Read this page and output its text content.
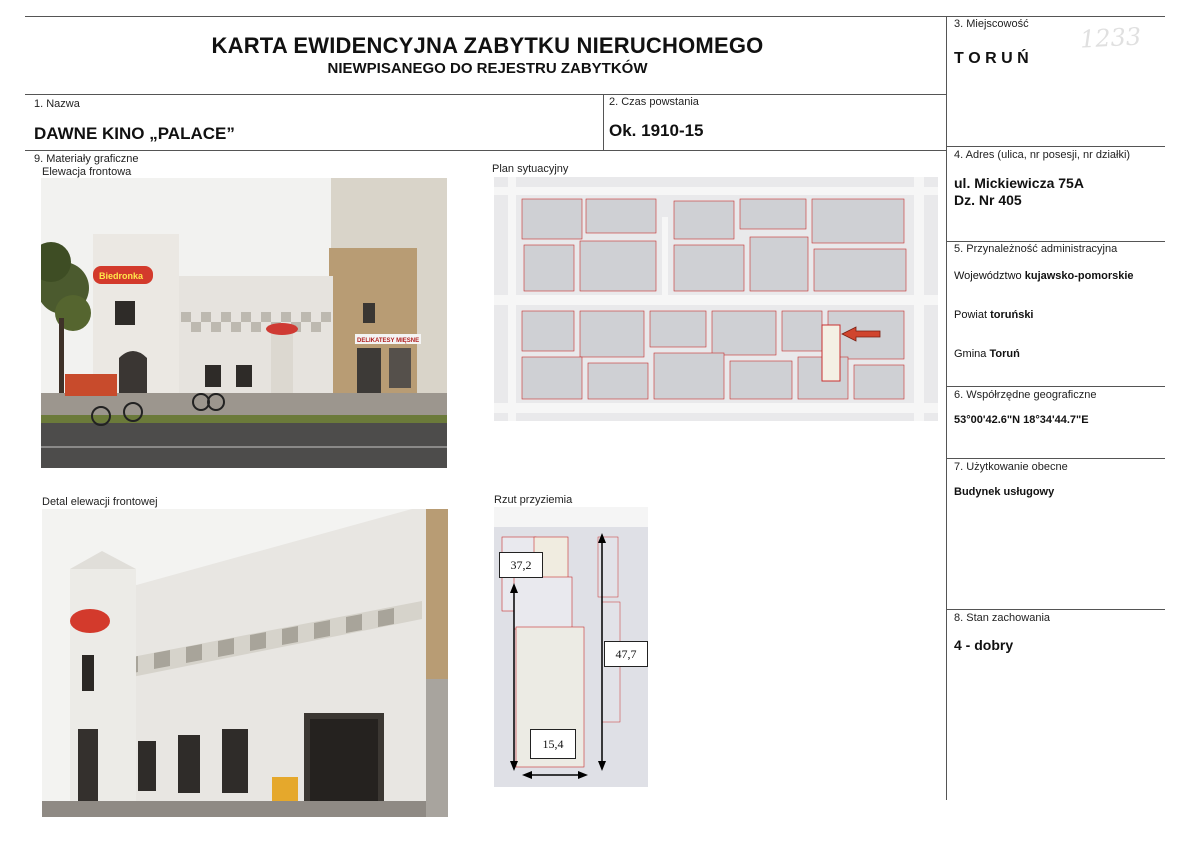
KARTA EWIDENCYJNA ZABYTKU NIERUCHOMEGO
NIEWPISANEGO DO REJESTRU ZABYTKÓW
1. Nazwa
DAWNE KINO „PALACE”
2. Czas powstania
Ok. 1910-15
3. Miejscowość
T O R U Ń
1233
4. Adres (ulica, nr posesji, nr działki)
ul. Mickiewicza 75A
Dz. Nr 405
5. Przynależność administracyjna
Województwo kujawsko-pomorskie
Powiat toruński
Gmina Toruń
6. Współrzędne geograficzne
53°00'42.6"N 18°34'44.7"E
7. Użytkowanie obecne
Budynek usługowy
8. Stan zachowania
4 - dobry
9. Materiały graficzne
Elewacja frontowa	Plan sytuacyjny
Detal elewacji frontowej	Rzut przyziemia
Biedronka
DELIKATESY MIĘSNE
37,2
47,7
15,4
